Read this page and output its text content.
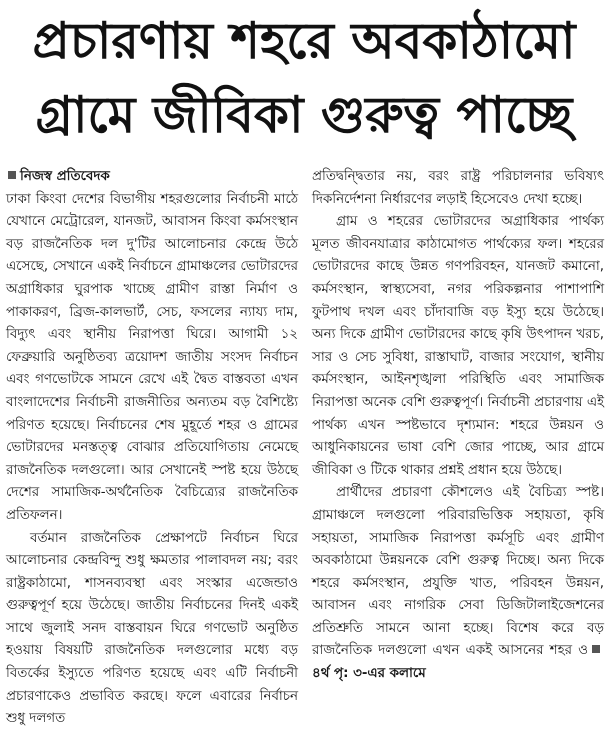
প্রচারণায় শহরে অবকাঠামো
গ্রামে জীবিকা গুরুত্ব পাচ্ছে
নিজস্ব প্রতিবেদক

ঢাকা কিংবা দেশের বিভাগীয় শহরগুলোর নির্বাচনী মাঠে যেখানে মেট্রোরেল, যানজট, আবাসন কিংবা কর্মসংস্থান বড় রাজনৈতিক দল দু'টির আলোচনার কেন্দ্রে উঠে এসেছে, সেখানে একই নির্বাচনে গ্রামাঞ্চলের ভোটারদের অগ্রাধিকার ঘুরপাক খাচ্ছে গ্রামীণ রাস্তা নির্মাণ ও পাকাকরণ, ব্রিজ-কালভার্ট, সেচ, ফসলের ন্যায্য দাম, বিদ্যুৎ এবং স্থানীয় নিরাপত্তা ঘিরে। আগামী ১২ ফেব্রুয়ারি অনুষ্ঠিতব্য ত্রয়োদশ জাতীয় সংসদ নির্বাচন এবং গণভোটকে সামনে রেখে এই দ্বৈত বাস্তবতা এখন বাংলাদেশের নির্বাচনী রাজনীতির অন্যতম বড় বৈশিষ্ট্যে পরিণত হয়েছে। নির্বাচনের শেষ মুহূর্তে শহর ও গ্রামের ভোটারদের মনস্তত্ত্ব বোঝার প্রতিযোগিতায় নেমেছে রাজনৈতিক দলগুলো। আর সেখানেই স্পষ্ট হয়ে উঠছে দেশের সামাজিক-অর্থনৈতিক বৈচিত্র্যের রাজনৈতিক প্রতিফলন।

বর্তমান রাজনৈতিক প্রেক্ষাপটে নির্বাচন ঘিরে আলোচনার কেন্দ্রবিন্দু শুধু ক্ষমতার পালাবদল নয়; বরং রাষ্ট্রকাঠামো, শাসনব্যবস্থা এবং সংস্কার এজেন্ডাও গুরুত্বপূর্ণ হয়ে উঠেছে। জাতীয় নির্বাচনের দিনই একই সাথে জুলাই সনদ বাস্তবায়ন ঘিরে গণভোট অনুষ্ঠিত হওয়ায় বিষয়টি রাজনৈতিক দলগুলোর মধ্যে বড় বিতর্কের ইস্যুতে পরিণত হয়েছে এবং এটি নির্বাচনী প্রচারণাকেও প্রভাবিত করছে। ফলে এবারের নির্বাচন শুধু দলগত

প্রতিদ্বন্দ্বিতার নয়, বরং রাষ্ট্র পরিচালনার ভবিষ্যৎ দিকনির্দেশনা নির্ধারণের লড়াই হিসেবেও দেখা হচ্ছে।

গ্রাম ও শহরের ভোটারদের অগ্রাধিকার পার্থক্য মূলত জীবনযাত্রার কাঠামোগত পার্থক্যের ফল। শহরের ভোটারদের কাছে উন্নত গণপরিবহন, যানজট কমানো, কর্মসংস্থান, স্বাস্থ্যসেবা, নগর পরিকল্পনার পাশাপাশি ফুটপাথ দখল এবং চাঁদাবাজি বড় ইস্যু হয়ে উঠেছে। অন্য দিকে গ্রামীণ ভোটারদের কাছে কৃষি উৎপাদন খরচ, সার ও সেচ সুবিধা, রাস্তাঘাট, বাজার সংযোগ, স্থানীয় কর্মসংস্থান, আইনশৃঙ্খলা পরিস্থিতি এবং সামাজিক নিরাপত্তা অনেক বেশি গুরুত্বপূর্ণ। নির্বাচনী প্রচারণায় এই পার্থক্য এখন স্পষ্টভাবে দৃশ্যমান: শহরে উন্নয়ন ও আধুনিকায়নের ভাষা বেশি জোর পাচ্ছে, আর গ্রামে জীবিকা ও টিকে থাকার প্রশ্নই প্রধান হয়ে উঠছে।

প্রার্থীদের প্রচারণা কৌশলেও এই বৈচিত্র্য স্পষ্ট। গ্রামাঞ্চলে দলগুলো পরিবারভিত্তিক সহায়তা, কৃষি সহায়তা, সামাজিক নিরাপত্তা কর্মসূচি এবং গ্রামীণ অবকাঠামো উন্নয়নকে বেশি গুরুত্ব দিচ্ছে। অন্য দিকে শহরে কর্মসংস্থান, প্রযুক্তি খাত, পরিবহন উন্নয়ন, আবাসন এবং নাগরিক সেবা ডিজিটালাইজেশনের প্রতিশ্রুতি সামনে আনা হচ্ছে। বিশেষ করে বড় রাজনৈতিক দলগুলো এখন একই আসনের শহর ও৪র্থ পৃ: ৩-এর কলামে
